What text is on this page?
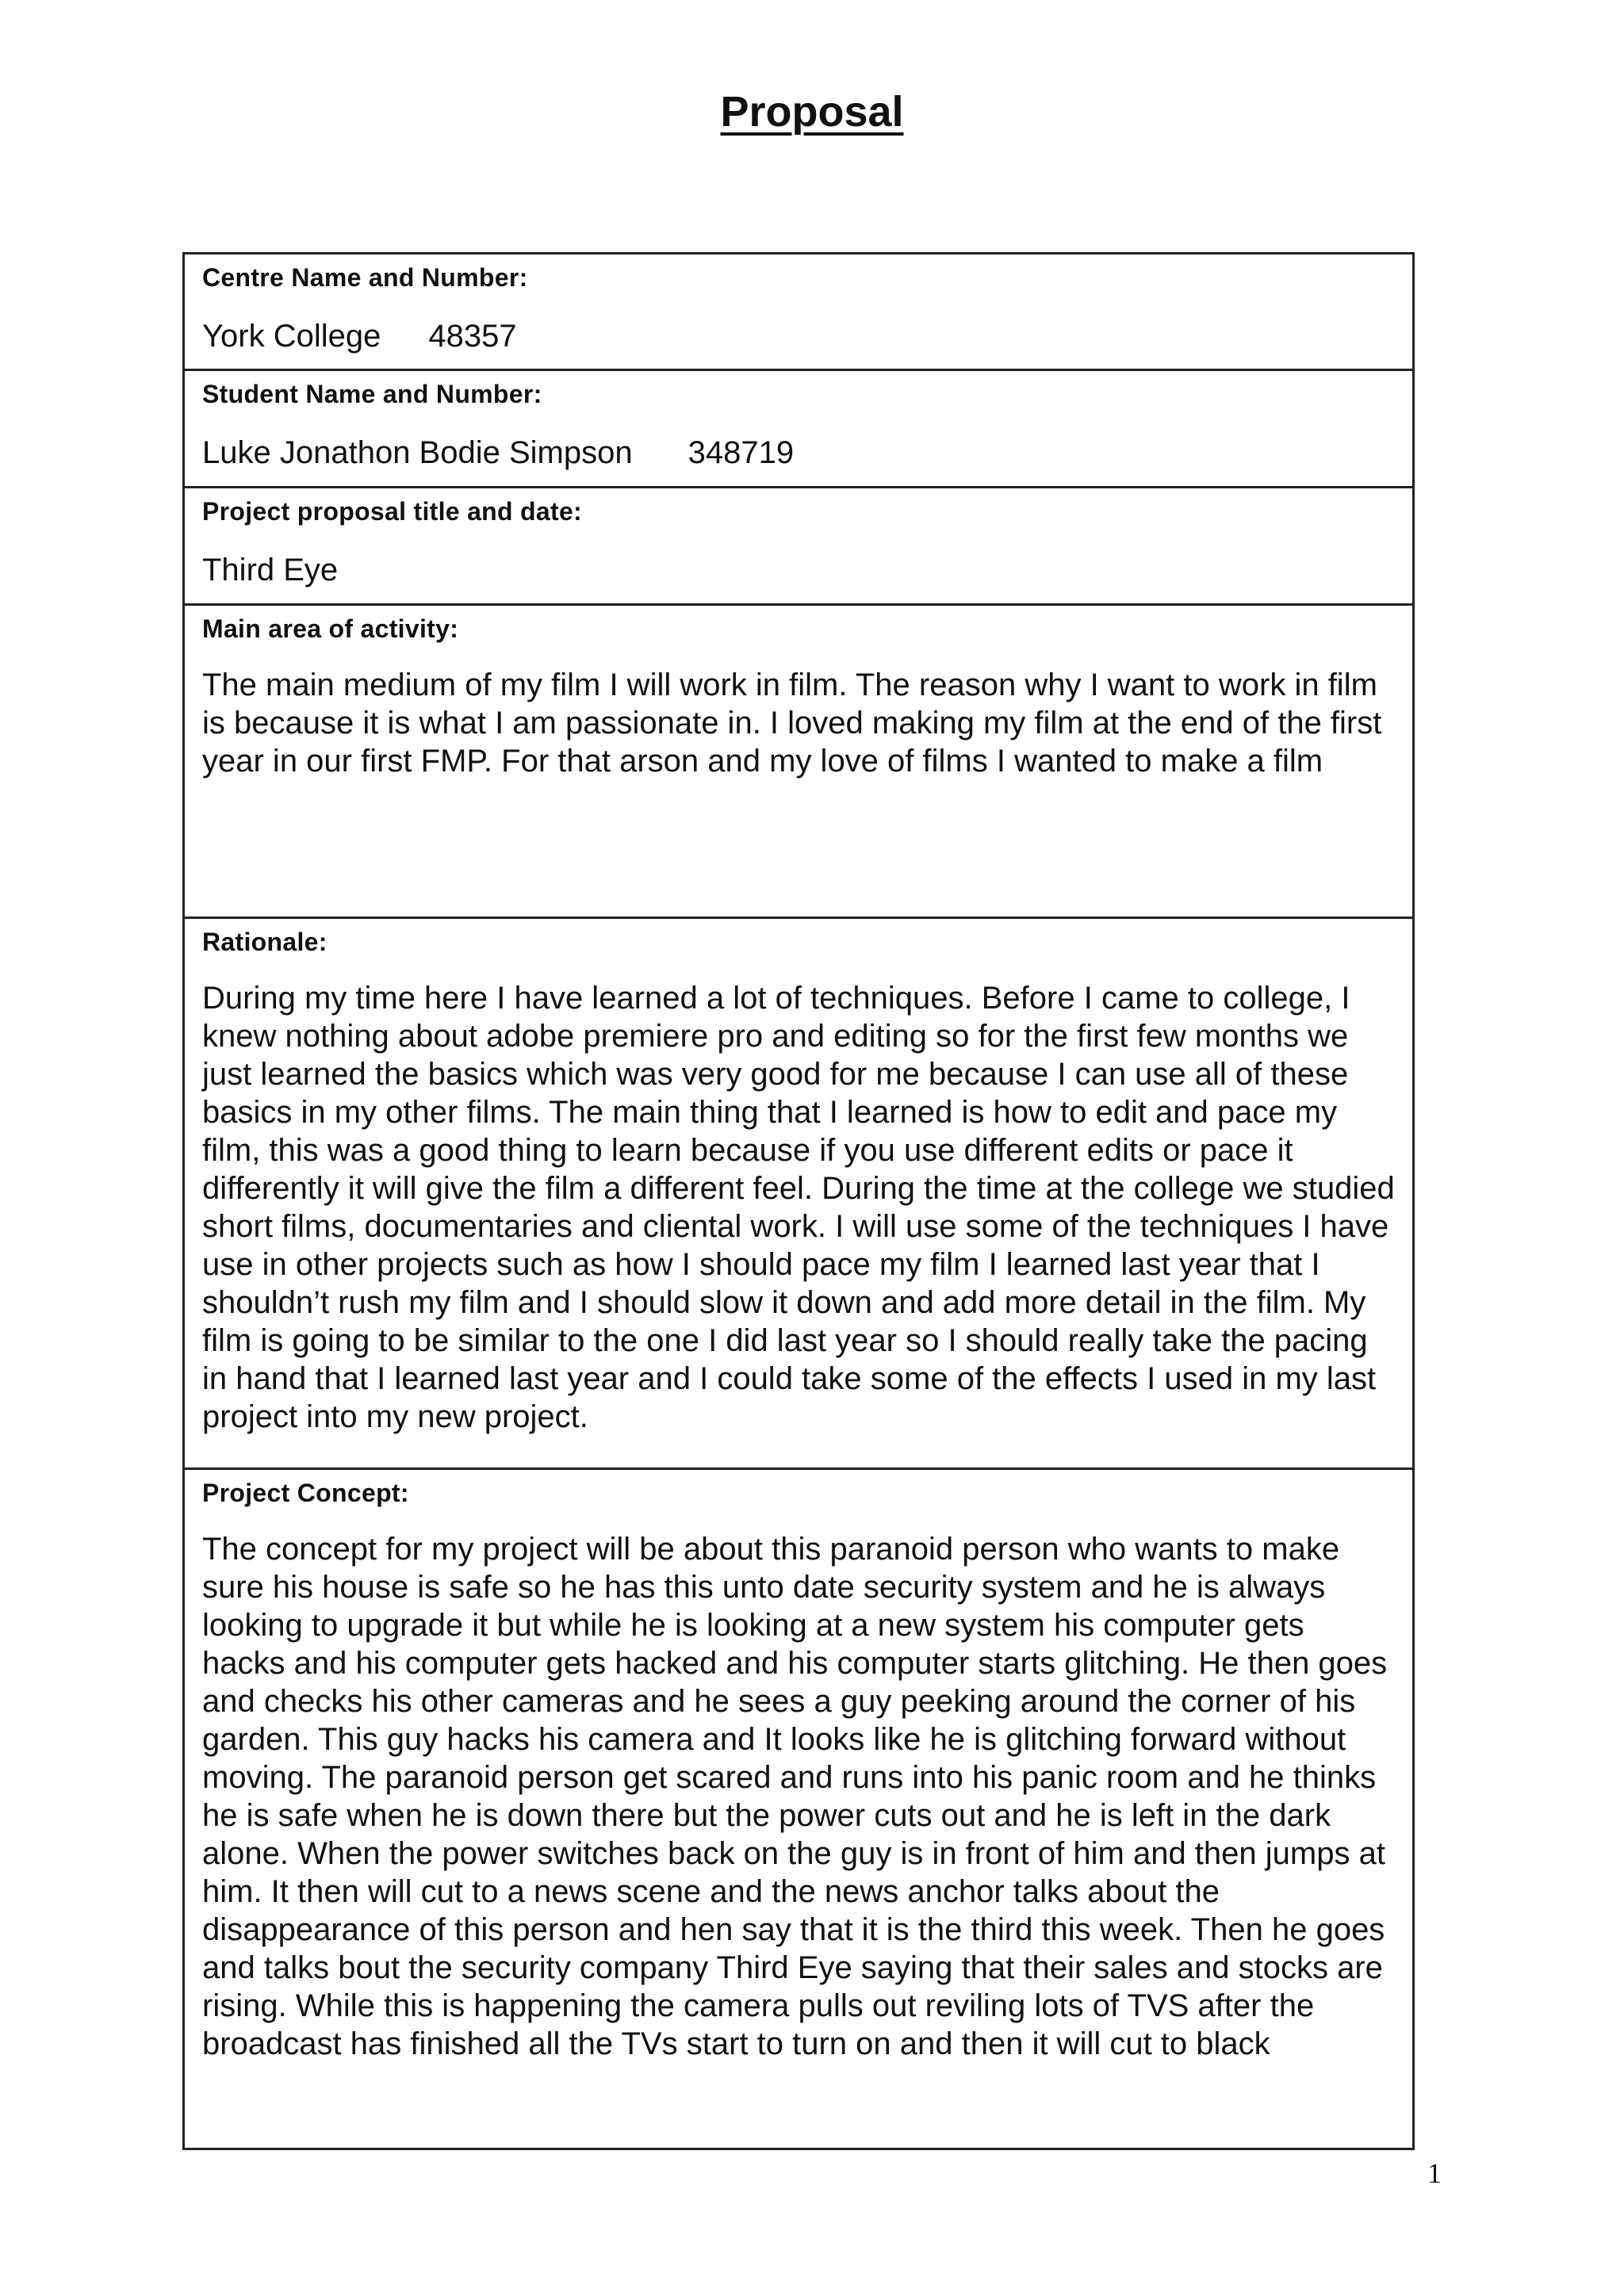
Proposal
Centre Name and Number:
York College 48357
Student Name and Number:
Luke Jonathon Bodie Simpson 348719
Project proposal title and date:
Third Eye
Main area of activity:
The main medium of my film I will work in film. The reason why I want to work in film is because it is what I am passionate in. I loved making my film at the end of the first year in our first FMP. For that arson and my love of films I wanted to make a film
Rationale:
During my time here I have learned a lot of techniques. Before I came to college, I knew nothing about adobe premiere pro and editing so for the first few months we just learned the basics which was very good for me because I can use all of these basics in my other films. The main thing that I learned is how to edit and pace my film, this was a good thing to learn because if you use different edits or pace it differently it will give the film a different feel. During the time at the college we studied short films, documentaries and cliental work. I will use some of the techniques I have use in other projects such as how I should pace my film I learned last year that I shouldn’t rush my film and I should slow it down and add more detail in the film. My film is going to be similar to the one I did last year so I should really take the pacing in hand that I learned last year and I could take some of the effects I used in my last project into my new project.
Project Concept:
The concept for my project will be about this paranoid person who wants to make sure his house is safe so he has this unto date security system and he is always looking to upgrade it but while he is looking at a new system his computer gets hacks and his computer gets hacked and his computer starts glitching. He then goes and checks his other cameras and he sees a guy peeking around the corner of his garden. This guy hacks his camera and It looks like he is glitching forward without moving. The paranoid person get scared and runs into his panic room and he thinks he is safe when he is down there but the power cuts out and he is left in the dark alone. When the power switches back on the guy is in front of him and then jumps at him. It then will cut to a news scene and the news anchor talks about the disappearance of this person and hen say that it is the third this week. Then he goes and talks bout the security company Third Eye saying that their sales and stocks are rising. While this is happening the camera pulls out reviling lots of TVS after the broadcast has finished all the TVs start to turn on and then it will cut to black
1
